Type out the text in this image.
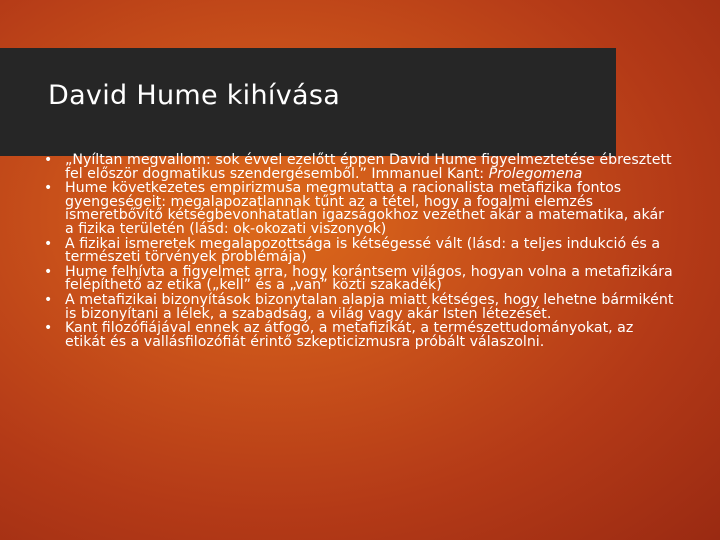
David Hume kihívása
• „Nyíltan megvallom: sok évvel ezelőtt éppen David Hume figyelmeztetése ébresztett fel először dogmatikus szendergésemből.” Immanuel Kant: Prolegomena
• Hume következetes empirizmusa megmutatta a racionalista metafizika fontos gyengeségeit: megalapozatlannak tűnt az a tétel, hogy a fogalmi elemzés ismeretbővítő kétségbevonhatatlan igazságokhoz vezethet akár a matematika, akár a fizika területén (lásd: ok-okozati viszonyok)
• A fizikai ismeretek megalapozottsága is kétségessé vált (lásd: a teljes indukció és a természeti törvények problémája)
• Hume felhívta a figyelmet arra, hogy korántsem világos, hogyan volna a metafizikára felépíthető az etika („kell” és a „van” közti szakadék)
• A metafizikai bizonyítások bizonytalan alapja miatt kétséges, hogy lehetne bármiként is bizonyítani a lélek, a szabadság, a világ vagy akár Isten létezését.
• Kant filozófiájával ennek az átfogó, a metafizikát, a természettudományokat, az etikát és a vallásfilozófiát érintő szkepticizmusra próbált válaszolni.
